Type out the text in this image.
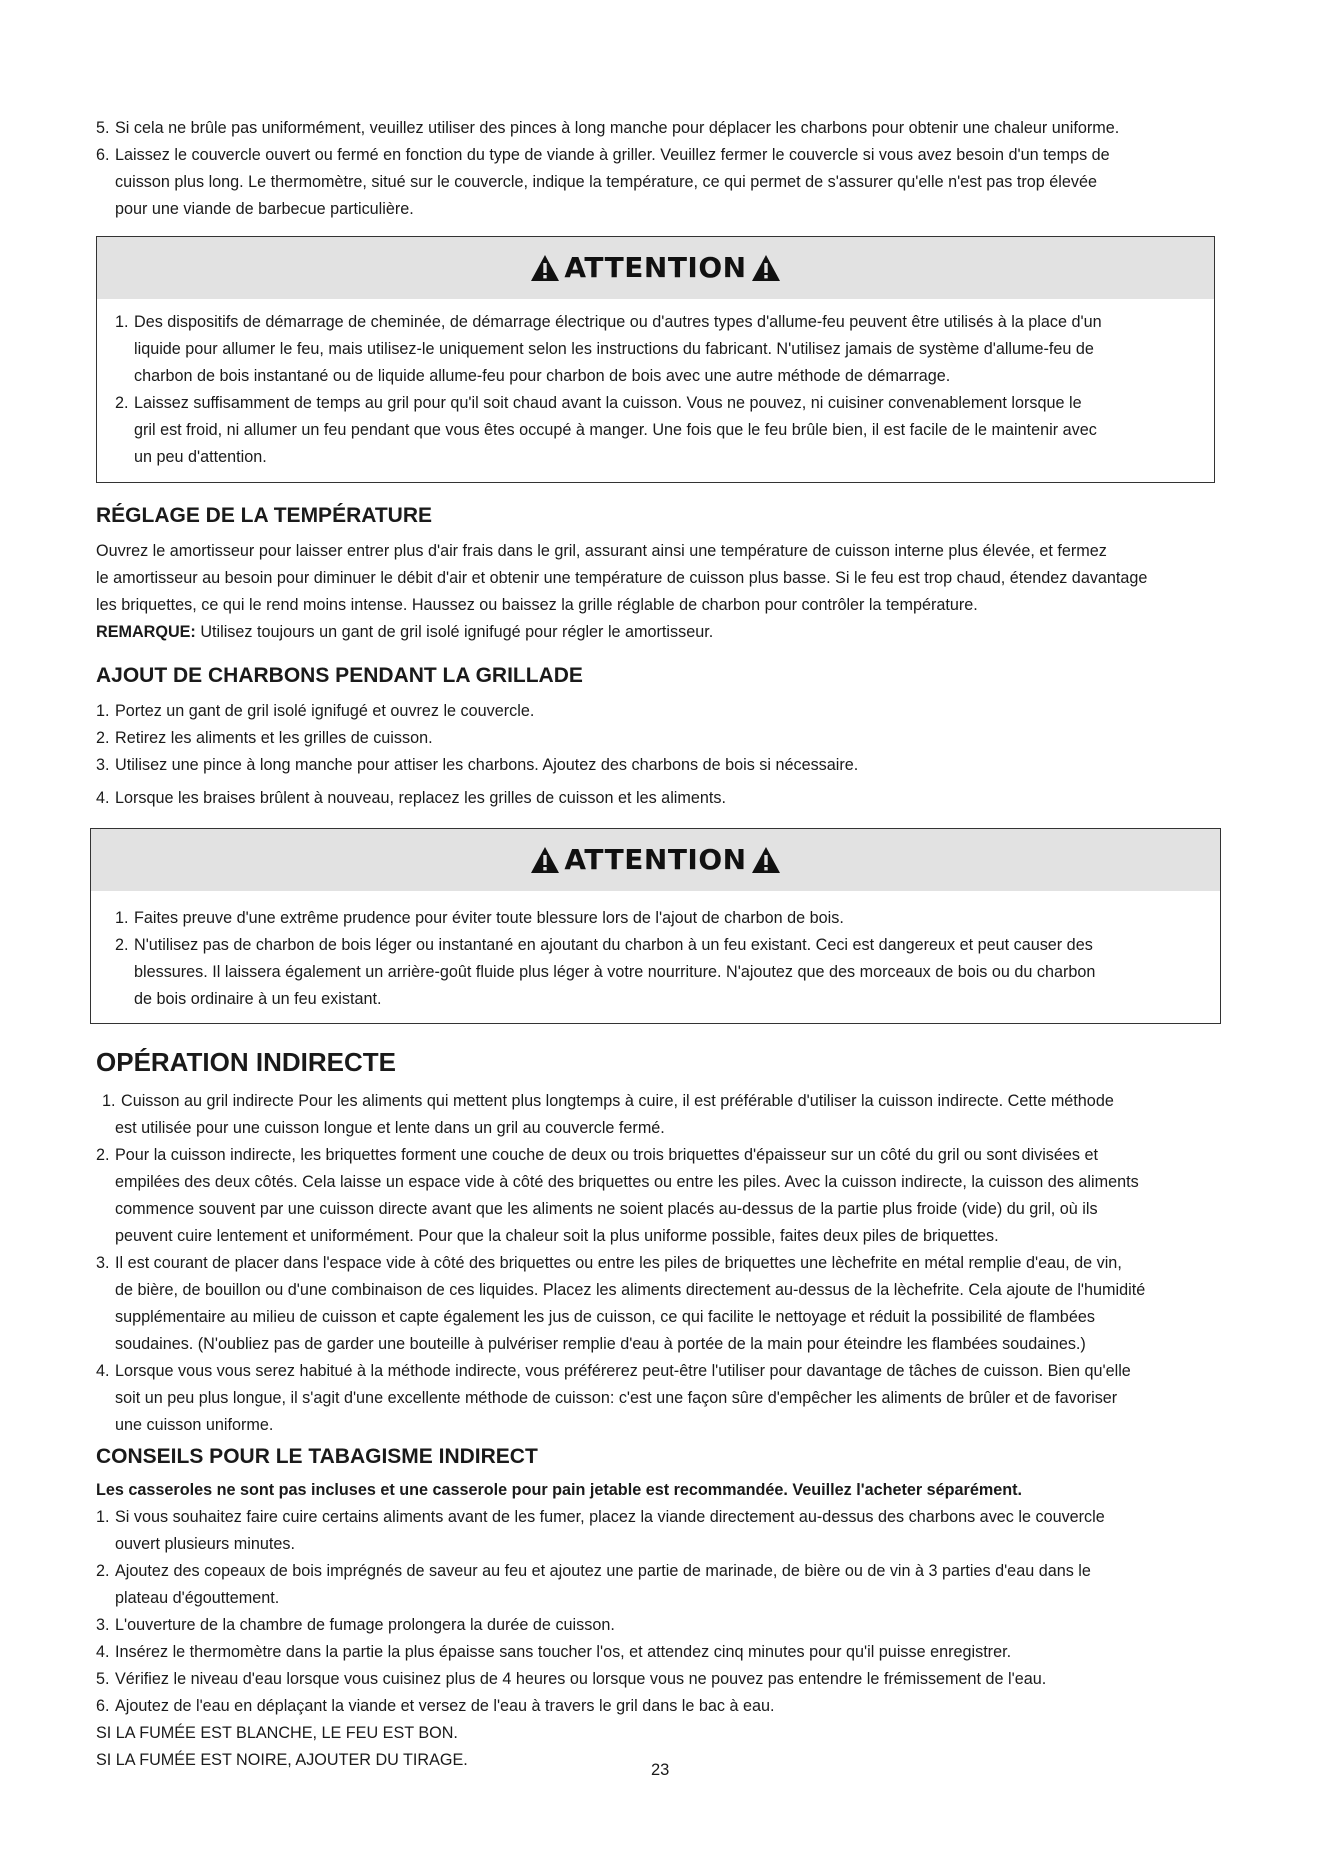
5. Si cela ne brûle pas uniformément, veuillez utiliser des pinces à long manche pour déplacer les charbons pour obtenir une chaleur uniforme.
6. Laissez le couvercle ouvert ou fermé en fonction du type de viande à griller. Veuillez fermer le couvercle si vous avez besoin d'un temps de
cuisson plus long. Le thermomètre, situé sur le couvercle, indique la température, ce qui permet de s'assurer qu'elle n'est pas trop élevée
pour une viande de barbecue particulière.
ATTENTION
1. Des dispositifs de démarrage de cheminée, de démarrage électrique ou d'autres types d'allume-feu peuvent être utilisés à la place d'un
liquide pour allumer le feu, mais utilisez-le uniquement selon les instructions du fabricant. N'utilisez jamais de système d'allume-feu de
charbon de bois instantané ou de liquide allume-feu pour charbon de bois avec une autre méthode de démarrage.
2. Laissez suffisamment de temps au gril pour qu'il soit chaud avant la cuisson. Vous ne pouvez, ni cuisiner convenablement lorsque le
gril est froid, ni allumer un feu pendant que vous êtes occupé à manger. Une fois que le feu brûle bien, il est facile de le maintenir avec
un peu d'attention.
RÉGLAGE DE LA TEMPÉRATURE
Ouvrez le amortisseur pour laisser entrer plus d'air frais dans le gril, assurant ainsi une température de cuisson interne plus élevée, et fermez
le amortisseur au besoin pour diminuer le débit d'air et obtenir une température de cuisson plus basse. Si le feu est trop chaud, étendez davantage
les briquettes, ce qui le rend moins intense. Haussez ou baissez la grille réglable de charbon pour contrôler la température.
REMARQUE: Utilisez toujours un gant de gril isolé ignifugé pour régler le amortisseur.
AJOUT DE CHARBONS PENDANT LA GRILLADE
1. Portez un gant de gril isolé ignifugé et ouvrez le couvercle.
2. Retirez les aliments et les grilles de cuisson.
3. Utilisez une pince à long manche pour attiser les charbons. Ajoutez des charbons de bois si nécessaire.
4. Lorsque les braises brûlent à nouveau, replacez les grilles de cuisson et les aliments.
ATTENTION
1. Faites preuve d'une extrême prudence pour éviter toute blessure lors de l'ajout de charbon de bois.
2. N'utilisez pas de charbon de bois léger ou instantané en ajoutant du charbon à un feu existant. Ceci est dangereux et peut causer des
blessures. Il laissera également un arrière-goût fluide plus léger à votre nourriture. N'ajoutez que des morceaux de bois ou du charbon
de bois ordinaire à un feu existant.
OPÉRATION INDIRECTE
1. Cuisson au gril indirecte Pour les aliments qui mettent plus longtemps à cuire, il est préférable d'utiliser la cuisson indirecte. Cette méthode
est utilisée pour une cuisson longue et lente dans un gril au couvercle fermé.
2. Pour la cuisson indirecte, les briquettes forment une couche de deux ou trois briquettes d'épaisseur sur un côté du gril ou sont divisées et
empilées des deux côtés. Cela laisse un espace vide à côté des briquettes ou entre les piles. Avec la cuisson indirecte, la cuisson des aliments
commence souvent par une cuisson directe avant que les aliments ne soient placés au-dessus de la partie plus froide (vide) du gril, où ils
peuvent cuire lentement et uniformément. Pour que la chaleur soit la plus uniforme possible, faites deux piles de briquettes.
3. Il est courant de placer dans l'espace vide à côté des briquettes ou entre les piles de briquettes une lèchefrite en métal remplie d'eau, de vin,
de bière, de bouillon ou d'une combinaison de ces liquides. Placez les aliments directement au-dessus de la lèchefrite. Cela ajoute de l'humidité
supplémentaire au milieu de cuisson et capte également les jus de cuisson, ce qui facilite le nettoyage et réduit la possibilité de flambées
soudaines. (N'oubliez pas de garder une bouteille à pulvériser remplie d'eau à portée de la main pour éteindre les flambées soudaines.)
4. Lorsque vous vous serez habitué à la méthode indirecte, vous préférerez peut-être l'utiliser pour davantage de tâches de cuisson. Bien qu'elle
soit un peu plus longue, il s'agit d'une excellente méthode de cuisson: c'est une façon sûre d'empêcher les aliments de brûler et de favoriser
une cuisson uniforme.
CONSEILS POUR LE TABAGISME INDIRECT
Les casseroles ne sont pas incluses et une casserole pour pain jetable est recommandée. Veuillez l'acheter séparément.
1. Si vous souhaitez faire cuire certains aliments avant de les fumer, placez la viande directement au-dessus des charbons avec le couvercle
ouvert plusieurs minutes.
2. Ajoutez des copeaux de bois imprégnés de saveur au feu et ajoutez une partie de marinade, de bière ou de vin à 3 parties d'eau dans le
plateau d'égouttement.
3. L'ouverture de la chambre de fumage prolongera la durée de cuisson.
4. Insérez le thermomètre dans la partie la plus épaisse sans toucher l'os, et attendez cinq minutes pour qu'il puisse enregistrer.
5. Vérifiez le niveau d'eau lorsque vous cuisinez plus de 4 heures ou lorsque vous ne pouvez pas entendre le frémissement de l'eau.
6. Ajoutez de l'eau en déplaçant la viande et versez de l'eau à travers le gril dans le bac à eau.
SI LA FUMÉE EST BLANCHE, LE FEU EST BON.
SI LA FUMÉE EST NOIRE, AJOUTER DU TIRAGE.
23
